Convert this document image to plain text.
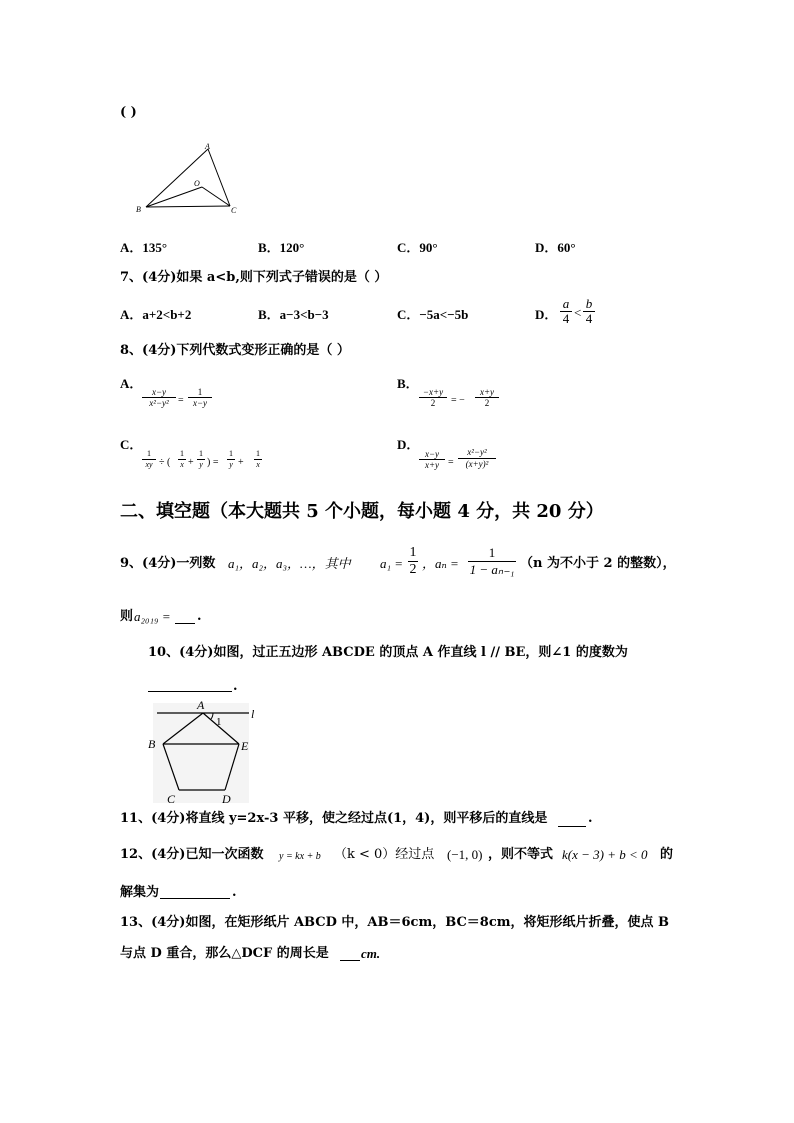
( )
A
O
B	C
A．135°	B．120°	C．90°	D．60°
7、(4分)如果 a<b,则下列式子错误的是（ ）
A．a+2<b+2	B．a−3<b−3	C．−5a<−5b	D．
a
4 <
b
4
8、(4分)下列代数式变形正确的是（ ）
A．
x−y
x²−y² =
1
x−y
B．
−x+y
2	= −
x+y
2
C．
1
xy ÷ (
1
x +
1
y ) =
1
y +
1
x
D．
x−y
x+y =
x²−y²
(x+y)²
二、填空题（本大题共 5 个小题，每小题 4 分，共 20 分）
9、(4分)一列数 a₁，a₂，a₃，…，其中 a₁ =
1
2 ，aₙ =
1
1 − aₙ₋₁ （n 为不小于 2 的整数），
则 a₂₀₁₉ = .
10、(4分)如图，过正五边形 ABCDE 的顶点 A 作直线 l // BE，则∠1 的度数为
.
A
1
l
B	E
C	D
11、(4分)将直线 y=2x-3 平移，使之经过点(1，4)，则平移后的直线是	.
12、(4分)已知一次函数 y = kx + b （k < 0）经过点 (−1, 0) ，则不等式 k(x − 3) + b < 0 的
解集为	.
13、(4分)如图，在矩形纸片 ABCD 中，AB＝6cm，BC＝8cm，将矩形纸片折叠，使点 B
与点 D 重合，那么△DCF 的周长是 cm.
